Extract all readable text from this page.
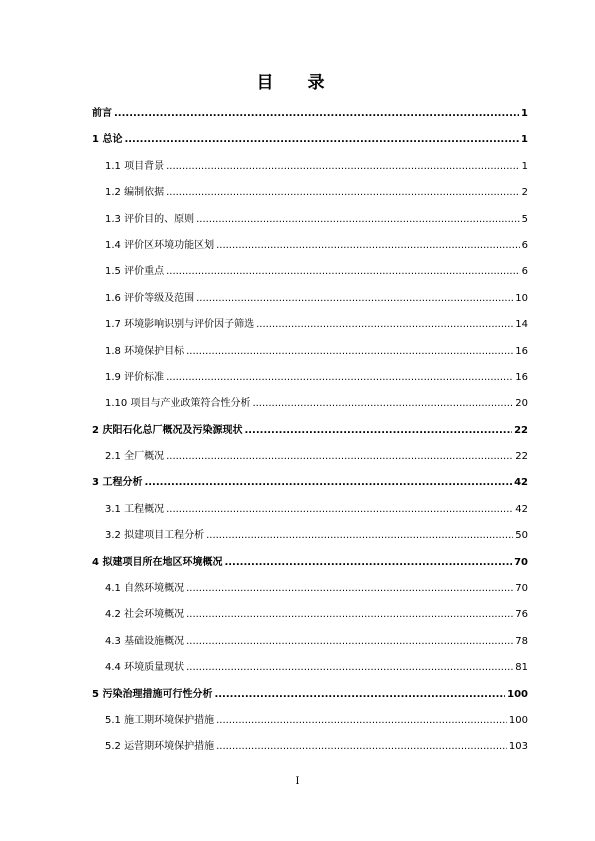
目 录
前言 .....	1
1 总论 .....	1
1.1 项目背景 .....	1
1.2 编制依据 .....	2
1.3 评价目的、原则 .....	5
1.4 评价区环境功能区划 .....	6
1.5 评价重点 .....	6
1.6 评价等级及范围 .....	10
1.7 环境影响识别与评价因子筛选 .....	14
1.8 环境保护目标 .....	16
1.9 评价标准 .....	16
1.10 项目与产业政策符合性分析 .....	20
2 庆阳石化总厂概况及污染源现状 .....	22
2.1 全厂概况 .....	22
3 工程分析 .....	42
3.1 工程概况 .....	42
3.2 拟建项目工程分析 .....	50
4 拟建项目所在地区环境概况 .....	70
4.1 自然环境概况 .....	70
4.2 社会环境概况 .....	76
4.3 基础设施概况 .....	78
4.4 环境质量现状 .....	81
5 污染治理措施可行性分析 .....	100
5.1 施工期环境保护措施 .....	100
5.2 运营期环境保护措施 .....	103
I
